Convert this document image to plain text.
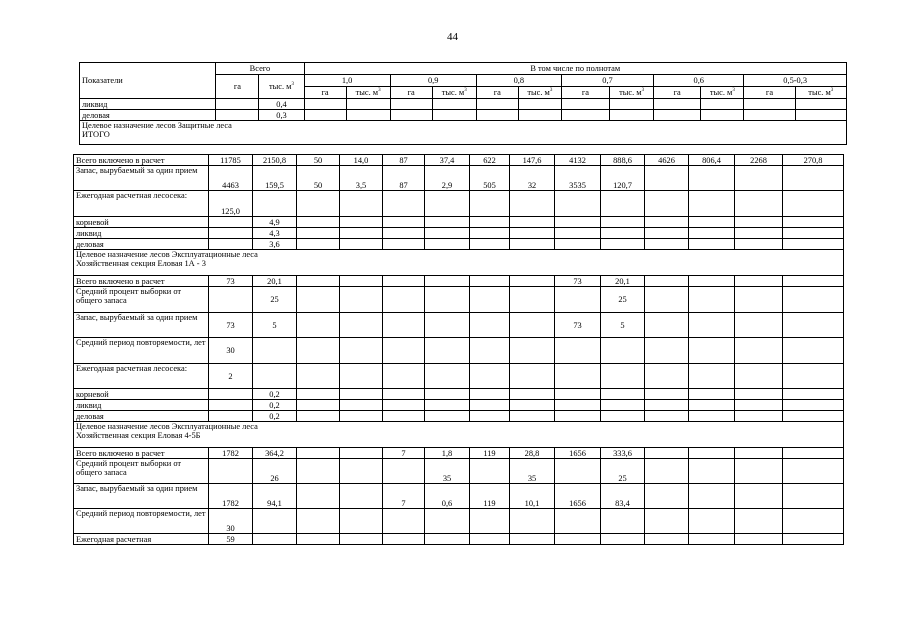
44
Показатели	Всего		В том числе по полнотам											
	га	тыс. $м^3$	1,0		0,9		0,8		0,7		0,6		0,5-0,3	
			га	тыс. $м^3$	га	тыс. $м^3$	га	тыс. $м^3$	га	тыс. $м^3$	га	тыс. $м^3$	га	тыс. $м^3$
ликвид		0,4												
деловая		0,3												

Целевое назначение лесов Защитные леса
ИТОГО														
Всего включено в расчет	11785	2150,8	50	14,0	87	37,4	622	147,6	4132	888,6	4626	806,4	2268	270,8
Запас, вырубаемый за один прием	4463	159,5	50	3,5	87	2,9	505	32	3535	120,7				
Ежегодная расчетная лесосека:	125,0													
корневой		4,9												
ликвид		4,3												
деловая		3,6												

Целевое назначение лесов Эксплуатационные леса
Хозяйственная секция Еловая 1А - 3														

Всего включено в расчет	73	20,1							73	20,1				
Средний процент выборки от общего запаса		25								25				
Запас, вырубаемый за один прием	73	5							73	5				
Средний период повторяемости, лет	30													
Ежегодная расчетная лесосека:	2													
корневой		0,2												
ликвид		0,2												
деловая		0,2												

Целевое назначение лесов Эксплуатационные леса
Хозяйственная секция Еловая 4-5Б														

Всего включено в расчет	1782	364,2			7	1,8	119	28,8	1656	333,6				
Средний процент выборки от общего запаса		26				35		35		25				
Запас, вырубаемый за один прием	1782	94,1			7	0,6	119	10,1	1656	83,4				
Средний период повторяемости, лет	30													
Ежегодная расчетная	59													
